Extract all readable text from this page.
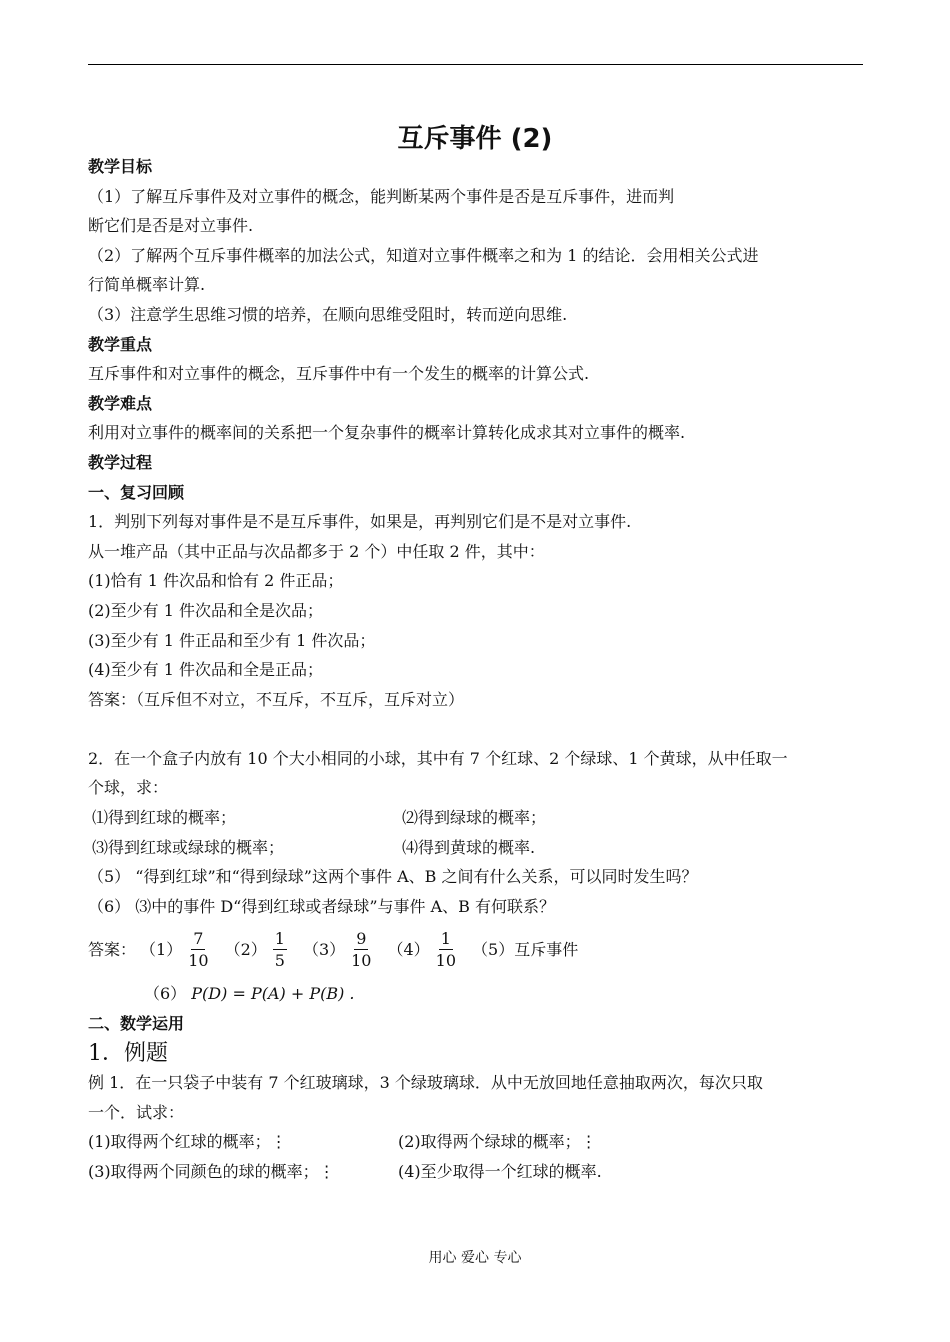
互斥事件 (2)
教学目标
（1）了解互斥事件及对立事件的概念，能判断某两个事件是否是互斥事件，进而判
断它们是否是对立事件.
（2）了解两个互斥事件概率的加法公式，知道对立事件概率之和为 1 的结论．会用相关公式进
行简单概率计算.
（3）注意学生思维习惯的培养，在顺向思维受阻时，转而逆向思维.
教学重点
互斥事件和对立事件的概念，互斥事件中有一个发生的概率的计算公式.
教学难点
利用对立事件的概率间的关系把一个复杂事件的概率计算转化成求其对立事件的概率.
教学过程
一、复习回顾
1．判别下列每对事件是不是互斥事件，如果是，再判别它们是不是对立事件.
从一堆产品（其中正品与次品都多于 2 个）中任取 2 件，其中：
(1)恰有 1 件次品和恰有 2 件正品；
(2)至少有 1 件次品和全是次品；
(3)至少有 1 件正品和至少有 1 件次品；
(4)至少有 1 件次品和全是正品；
答案：（互斥但不对立，不互斥，不互斥，互斥对立）
2．在一个盒子内放有 10 个大小相同的小球，其中有 7 个红球、2 个绿球、1 个黄球，从中任取一
个球，求：
⑴得到红球的概率；	⑵得到绿球的概率；
⑶得到红球或绿球的概率；	⑷得到黄球的概率.
（5） “得到红球”和“得到绿球”这两个事件 A、B 之间有什么关系，可以同时发生吗？
（6） ⑶中的事件 D“得到红球或者绿球”与事件 A、B 有何联系？
答案： $(1) \frac{7}{10} (2) \frac{1}{5} (3) \frac{9}{10} (4) \frac{1}{10} (5)$互斥事件
（6） P(D) = P(A) + P(B) .
二、数学运用
1．例题
例 1．在一只袋子中装有 7 个红玻璃球，3 个绿玻璃球．从中无放回地任意抽取两次，每次只取
一个．试求：
(1)取得两个红球的概率；⋮	(2)取得两个绿球的概率；⋮
(3)取得两个同颜色的球的概率；⋮	(4)至少取得一个红球的概率.
用心 爱心 专心
